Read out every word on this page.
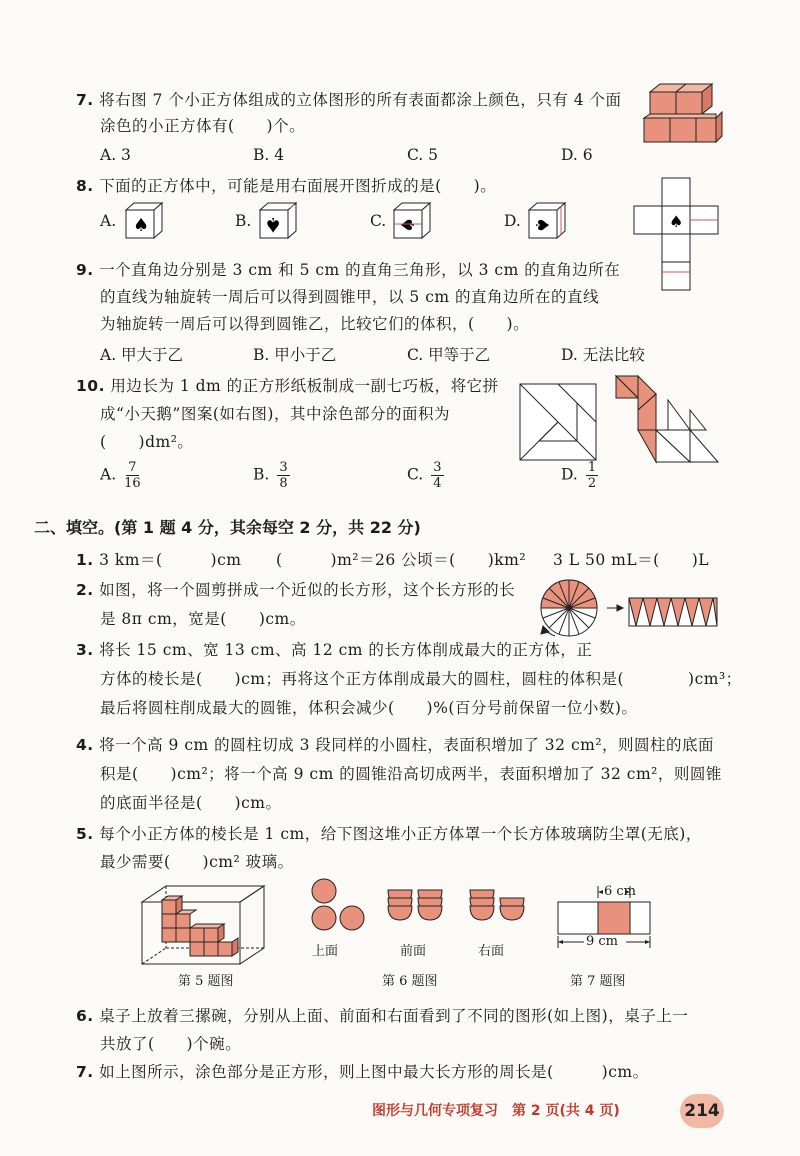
7. 将右图 7 个小正方体组成的立体图形的所有表面都涂上颜色，只有 4 个面
涂色的小正方体有(　　)个。
A. 3	B. 4	C. 5	D. 6
8. 下面的正方体中，可能是用右面展开图折成的是(　　)。
A.	B.	C.	D.
♠	♠	♠	♠	♠
9. 一个直角边分别是 3 cm 和 5 cm 的直角三角形，以 3 cm 的直角边所在
的直线为轴旋转一周后可以得到圆锥甲，以 5 cm 的直角边所在的直线
为轴旋转一周后可以得到圆锥乙，比较它们的体积，(　　)。
A. 甲大于乙	B. 甲小于乙	C. 甲等于乙	D. 无法比较
10. 用边长为 1 dm 的正方形纸板制成一副七巧板，将它拼
成“小天鹅”图案(如右图)，其中涂色部分的面积为
(　　)dm²。
A. $\frac{7}{16}$	B. $\frac{3}{8}$	C. $\frac{3}{4}$	D. $\frac{1}{2}$
二、填空。(第 1 题 4 分，其余每空 2 分，共 22 分)
1. 3 km＝(　　　)cm (　　　)m²＝26 公顷＝(　　)km² 3 L 50 mL＝(　　)L
2. 如图，将一个圆剪拼成一个近似的长方形，这个长方形的长
是 8π cm，宽是(　　)cm。
3. 将长 15 cm、宽 13 cm、高 12 cm 的长方体削成最大的正方体，正
方体的棱长是(　　)cm；再将这个正方体削成最大的圆柱，圆柱的体积是(　　　　)cm³；
最后将圆柱削成最大的圆锥，体积会减少(　　)%(百分号前保留一位小数)。
4. 将一个高 9 cm 的圆柱切成 3 段同样的小圆柱，表面积增加了 32 cm²，则圆柱的底面
积是(　　)cm²；将一个高 9 cm 的圆锥沿高切成两半，表面积增加了 32 cm²，则圆锥
的底面半径是(　　)cm。
5. 每个小正方体的棱长是 1 cm，给下图这堆小正方体罩一个长方体玻璃防尘罩(无底)，
最少需要(　　)cm² 玻璃。
第 5 题图
上面	前面	右面
第 6 题图
6 cm
9 cm
第 7 题图
6. 桌子上放着三摞碗，分别从上面、前面和右面看到了不同的图形(如上图)，桌子上一
共放了(　　)个碗。
7. 如上图所示，涂色部分是正方形，则上图中最大长方形的周长是(　　　)cm。
图形与几何专项复习　第 2 页(共 4 页)	214
